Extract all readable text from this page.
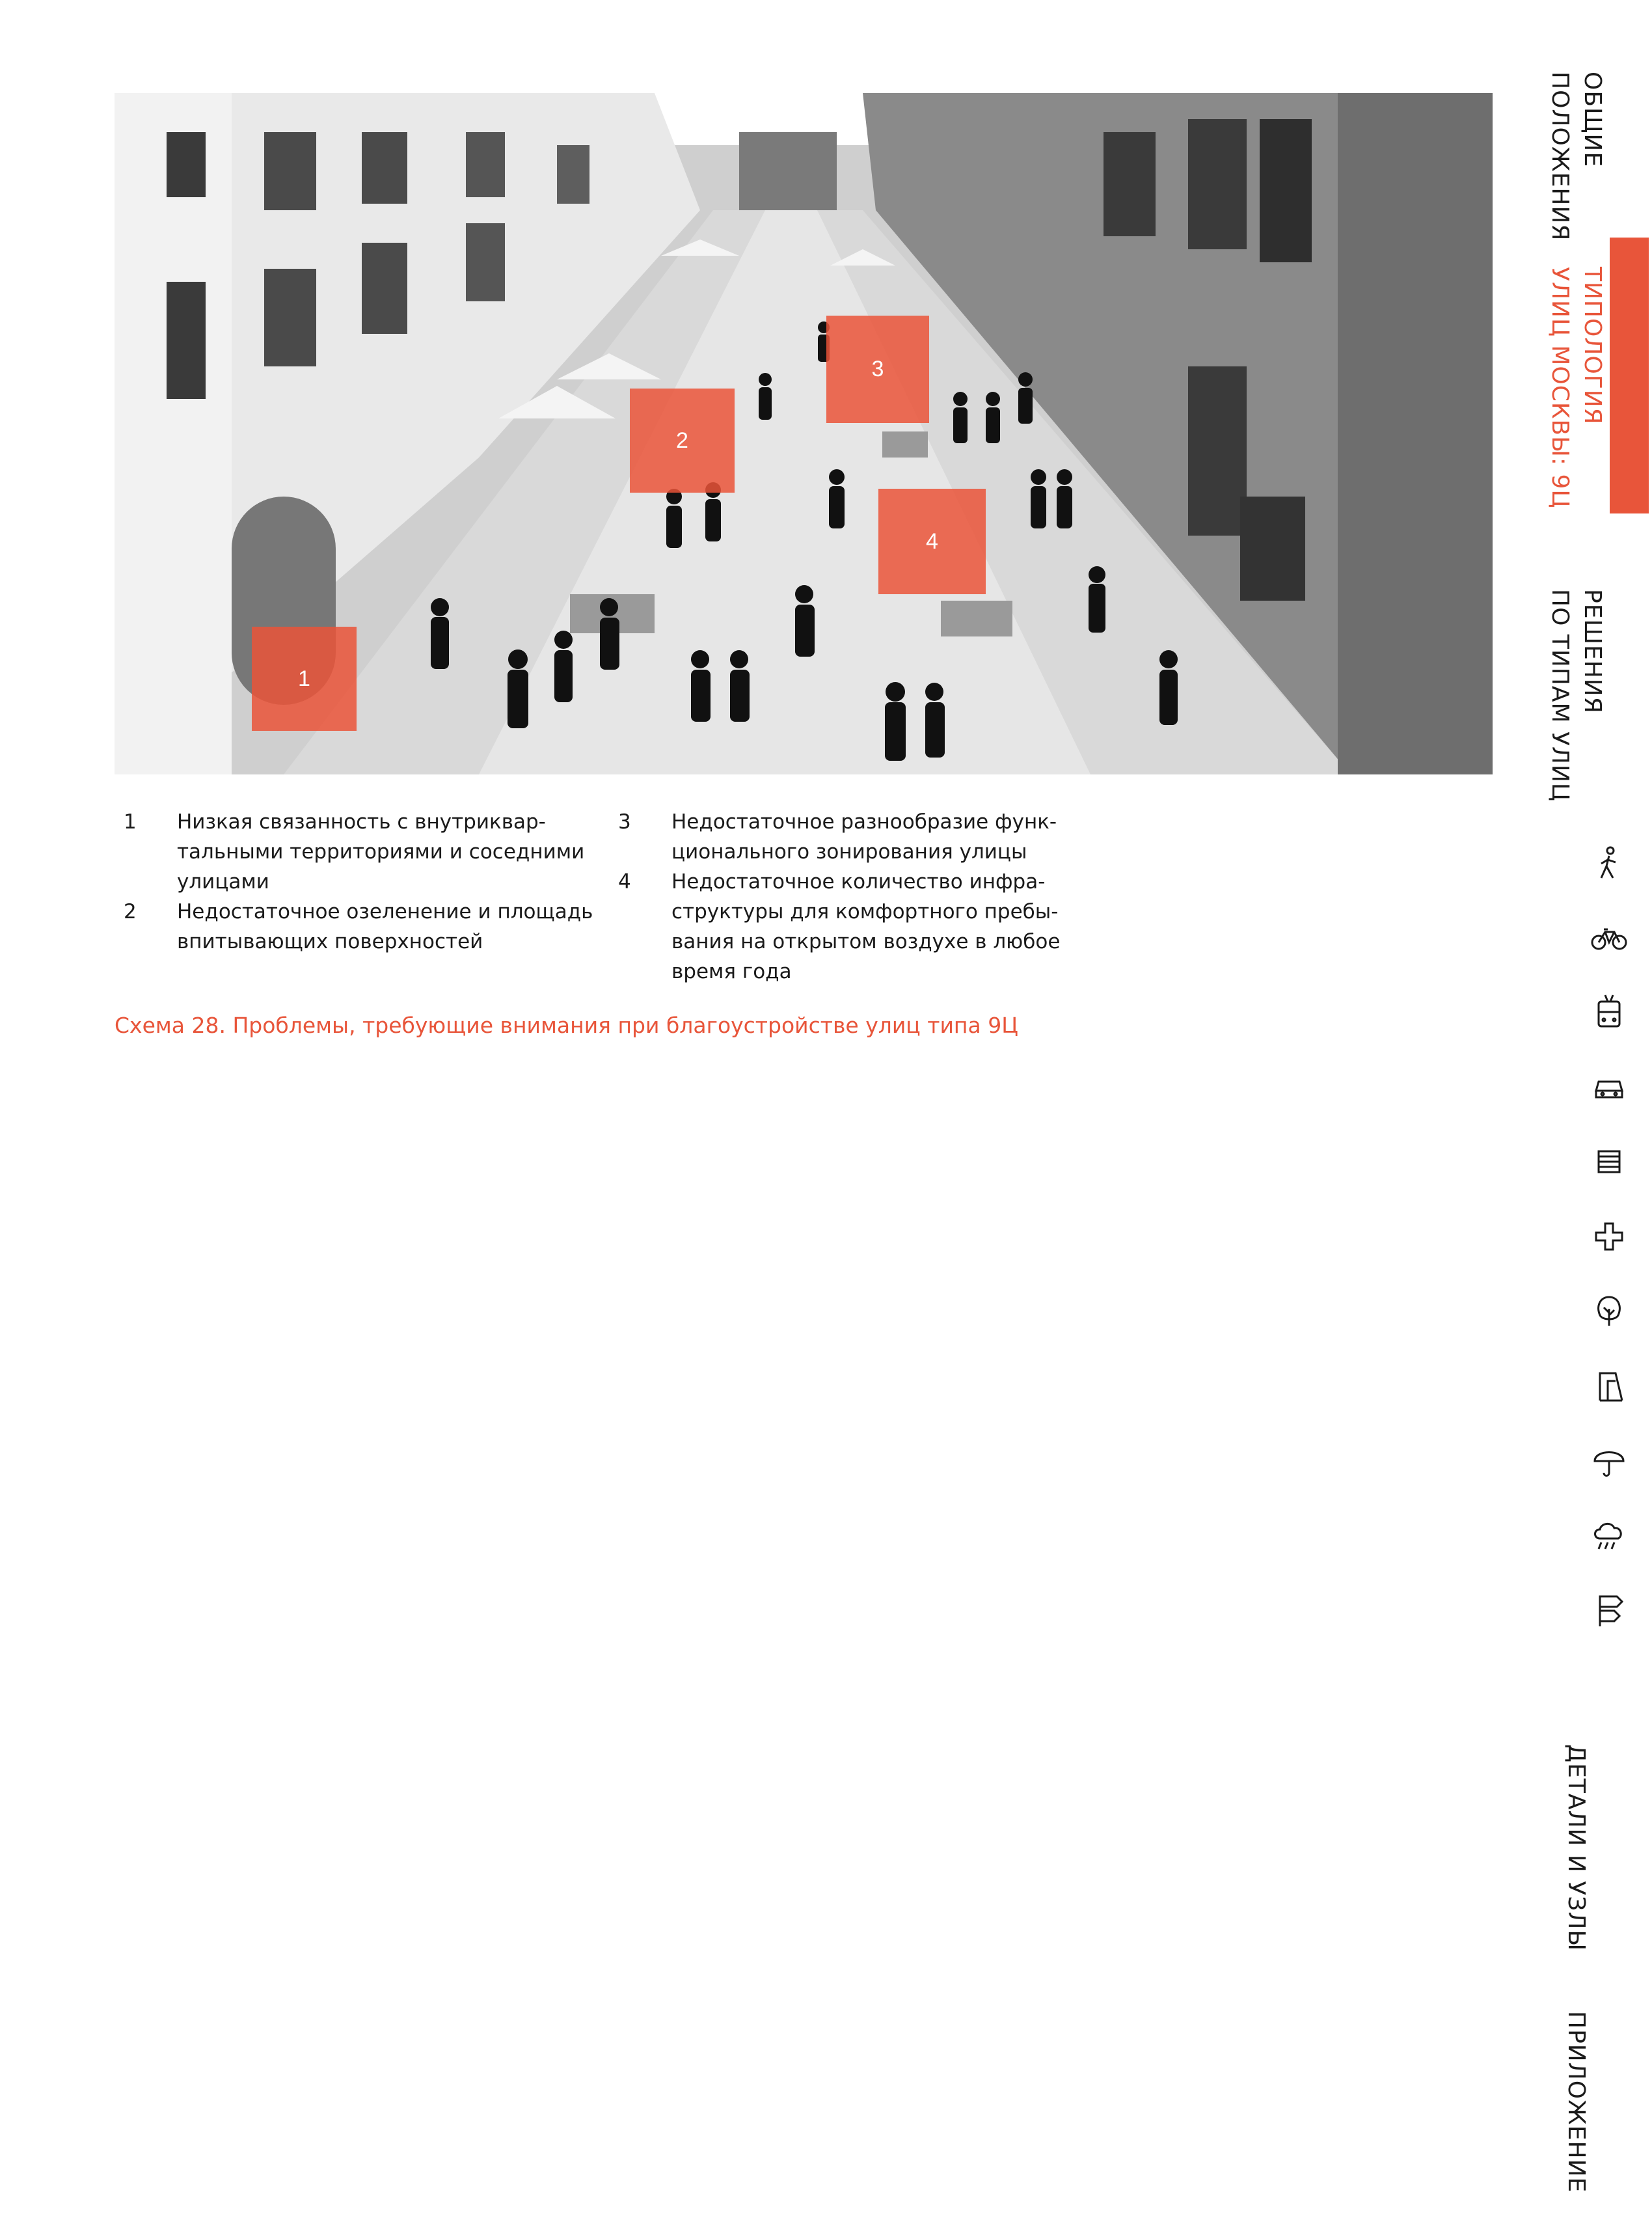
1
2
3
4
1	Низкая связанность с внутриквар-
тальными территориями и соседними
улицами
2	Недостаточное озеленение и площадь
впитывающих поверхностей
3	Недостаточное разнообразие функ-
ционального зонирования улицы
4	Недостаточное количество инфра-
структуры для комфортного пребы-
вания на открытом воздухе в любое
время года
Схема 28. Проблемы, требующие внимания при благоустройстве улиц типа 9Ц
ОБЩИЕ
ПОЛОЖЕНИЯ
ТИПОЛОГИЯ
УЛИЦ МОСКВЫ: 9Ц
РЕШЕНИЯ
ПО ТИПАМ УЛИЦ
ДЕТАЛИ И УЗЛЫ
ПРИЛОЖЕНИЕ
